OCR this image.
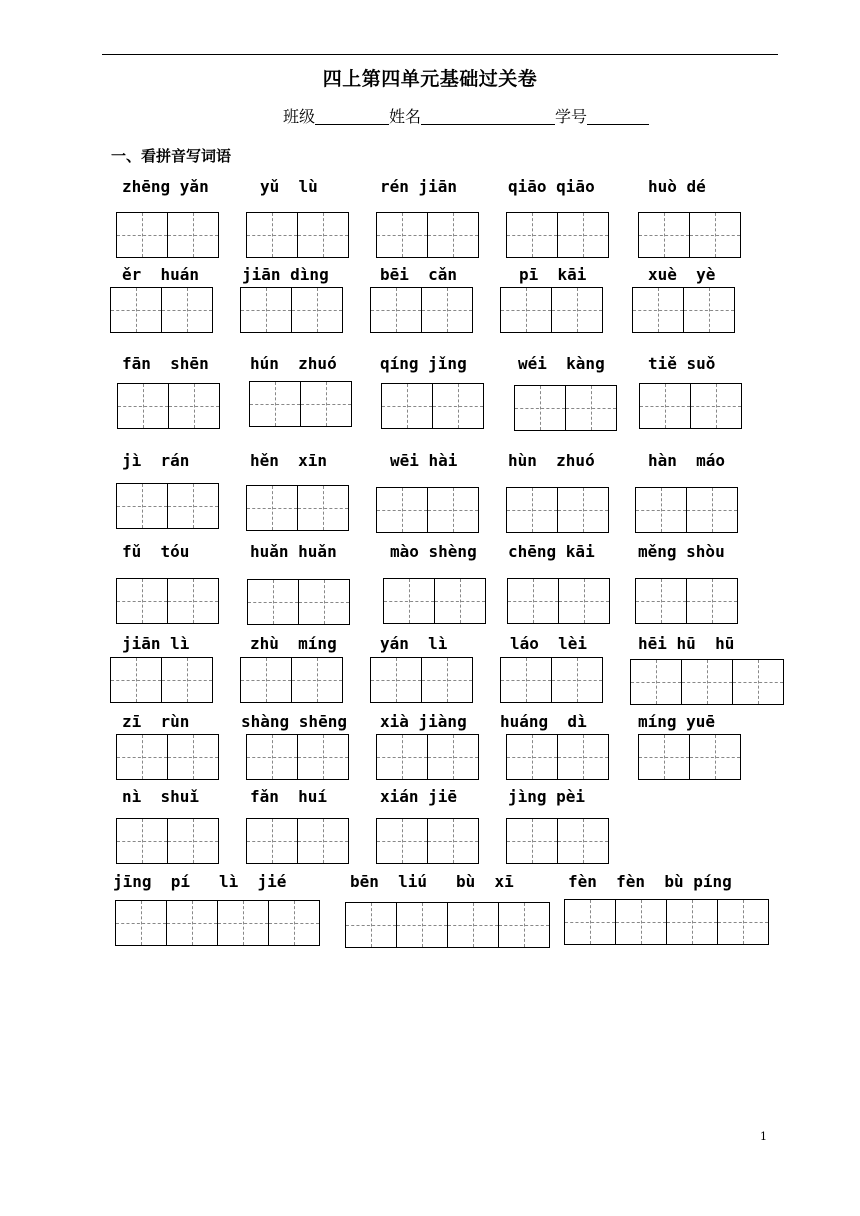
四上第四单元基础过关卷
班级	姓名	学号
一、看拼音写词语
zhēng yǎn	yǔ  lù	rén jiān	qiāo qiāo	huò dé
ěr  huán	jiān dìng	bēi  cǎn	pī  kāi	xuè  yè
fān  shēn	hún  zhuó	qíng jǐng	wéi  kàng	tiě suǒ
jì  rán	hěn  xīn	wēi hài	hùn  zhuó	hàn  máo
fǔ  tóu	huǎn huǎn	mào shèng chēng kāi	měng shòu
jiān lì	zhù  míng	yán  lì	láo  lèi	hēi hū  hū
zī  rùn	shàng shēng xià jiàng huáng  dì	míng yuē
nì  shuǐ	fǎn  huí	xián jiē	jìng pèi
jīng  pí   lì  jié	bēn  liú   bù  xī	fèn  fèn  bù píng
1
